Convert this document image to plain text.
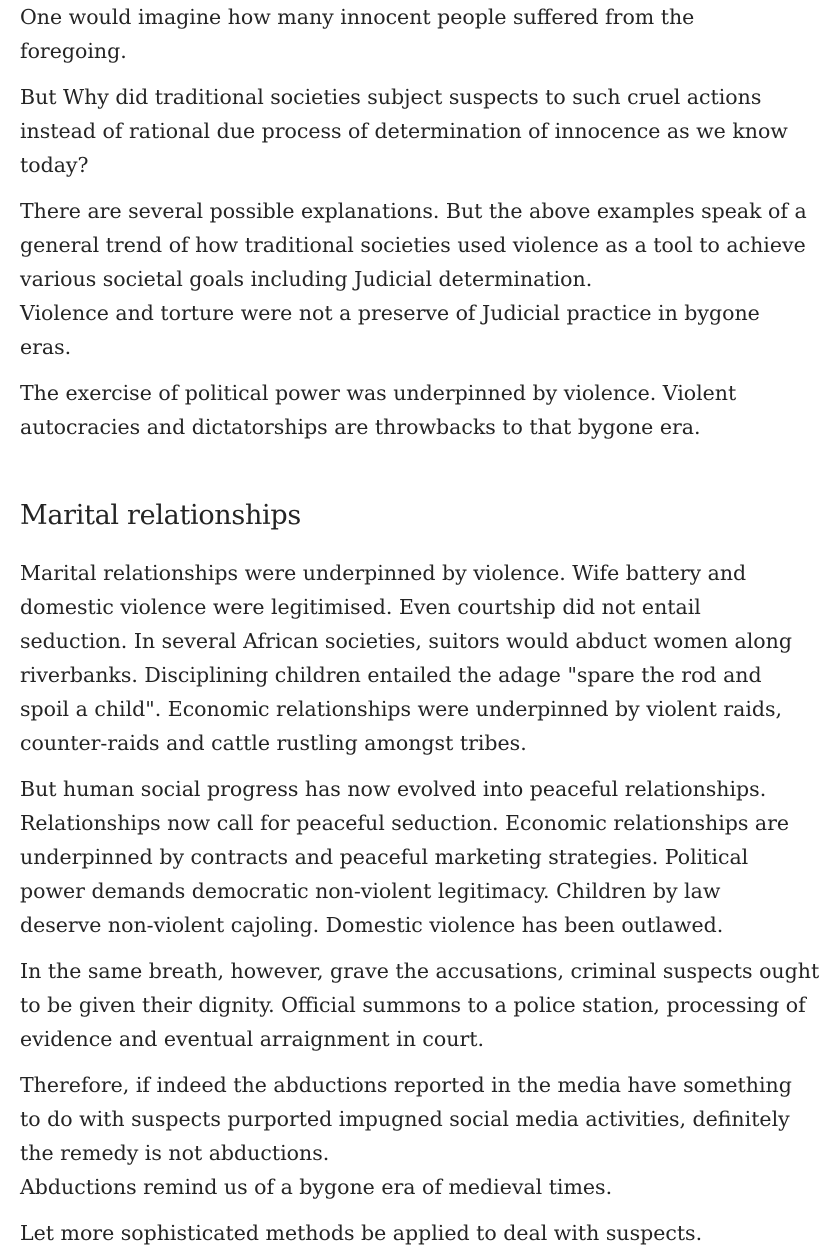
One would imagine how many innocent people suffered from the
foregoing.
But Why did traditional societies subject suspects to such cruel actions
instead of rational due process of determination of innocence as we know
today?
There are several possible explanations. But the above examples speak of a
general trend of how traditional societies used violence as a tool to achieve
various societal goals including Judicial determination.
Violence and torture were not a preserve of Judicial practice in bygone
eras.
The exercise of political power was underpinned by violence. Violent
autocracies and dictatorships are throwbacks to that bygone era.
Marital relationships
Marital relationships were underpinned by violence. Wife battery and
domestic violence were legitimised. Even courtship did not entail
seduction. In several African societies, suitors would abduct women along
riverbanks. Disciplining children entailed the adage "spare the rod and
spoil a child". Economic relationships were underpinned by violent raids,
counter-raids and cattle rustling amongst tribes.
But human social progress has now evolved into peaceful relationships.
Relationships now call for peaceful seduction. Economic relationships are
underpinned by contracts and peaceful marketing strategies. Political
power demands democratic non-violent legitimacy. Children by law
deserve non-violent cajoling. Domestic violence has been outlawed.
In the same breath, however, grave the accusations, criminal suspects ought
to be given their dignity. Official summons to a police station, processing of
evidence and eventual arraignment in court.
Therefore, if indeed the abductions reported in the media have something
to do with suspects purported impugned social media activities, definitely
the remedy is not abductions.
Abductions remind us of a bygone era of medieval times.
Let more sophisticated methods be applied to deal with suspects.
